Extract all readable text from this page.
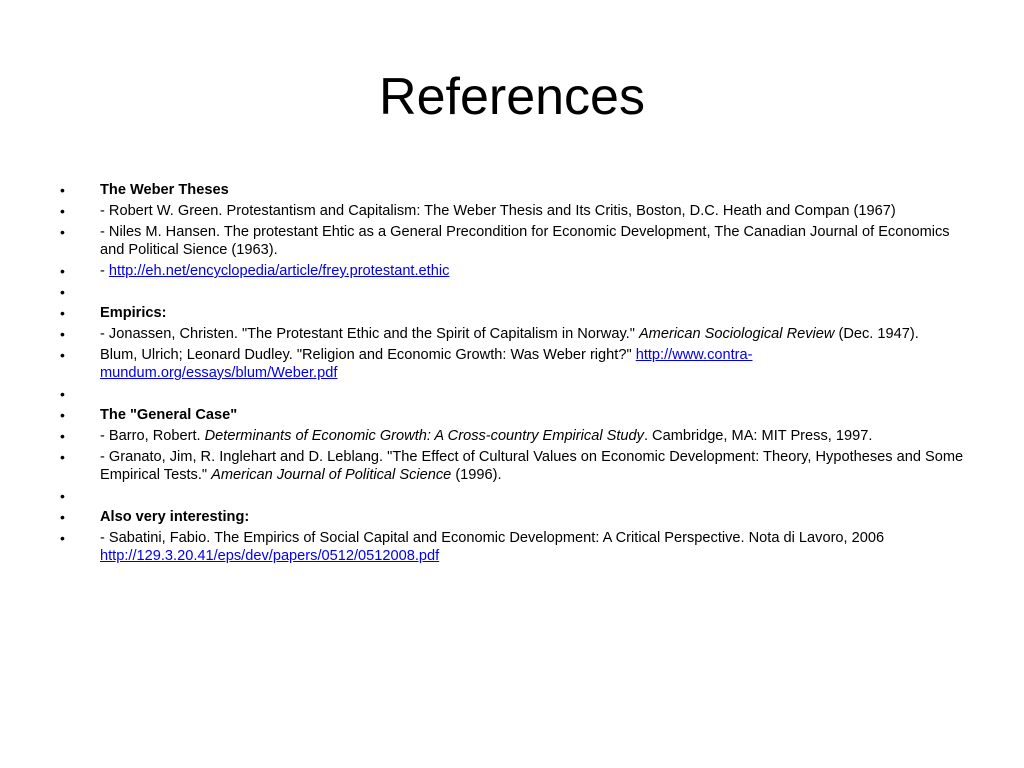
References
•	The Weber Theses
•	- Robert W. Green. Protestantism and Capitalism: The Weber Thesis and Its Critis, Boston, D.C. Heath and Compan (1967)
•	- Niles M. Hansen. The protestant Ehtic as a General Precondition for Economic Development, The Canadian Journal of Economics and Political Sience (1963).
•	- http://eh.net/encyclopedia/article/frey.protestant.ethic
•
•	Empirics:
•	- Jonassen, Christen. "The Protestant Ethic and the Spirit of Capitalism in Norway." American Sociological Review (Dec. 1947).
•	Blum, Ulrich; Leonard Dudley. "Religion and Economic Growth: Was Weber right?" http://www.contra-mundum.org/essays/blum/Weber.pdf
•
•	The "General Case"
•	- Barro, Robert. Determinants of Economic Growth: A Cross-country Empirical Study. Cambridge, MA: MIT Press, 1997.
•	- Granato, Jim, R. Inglehart and D. Leblang. "The Effect of Cultural Values on Economic Development: Theory, Hypotheses and Some Empirical Tests." American Journal of Political Science (1996).
•
•	Also very interesting:
•	- Sabatini, Fabio. The Empirics of Social Capital and Economic Development: A Critical Perspective. Nota di Lavoro, 2006 http://129.3.20.41/eps/dev/papers/0512/0512008.pdf
